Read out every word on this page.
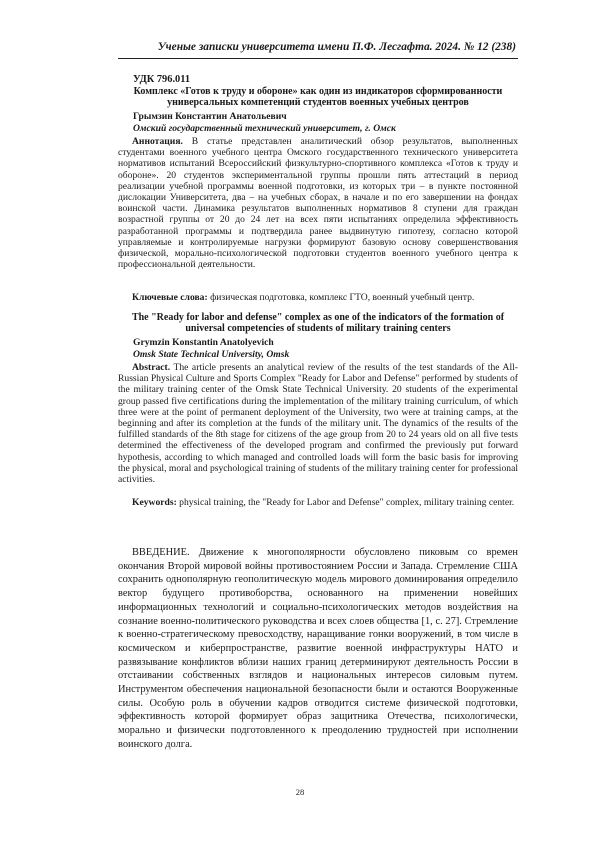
Ученые записки университета имени П.Ф. Лесгафта. 2024. № 12 (238)
УДК 796.011
Комплекс «Готов к труду и обороне» как один из индикаторов сформированности универсальных компетенций студентов военных учебных центров
Грымзин Константин Анатольевич
Омский государственный технический университет, г. Омск
Аннотация. В статье представлен аналитический обзор результатов, выполненных студентами военного учебного центра Омского государственного технического университета нормативов испытаний Всероссийский физкультурно-спортивного комплекса «Готов к труду и обороне». 20 студентов экспериментальной группы прошли пять аттестаций в период реализации учебной программы военной подготовки, из которых три – в пункте постоянной дислокации Университета, два – на учебных сборах, в начале и по его завершении на фондах воинской части. Динамика результатов выполненных нормативов 8 ступени для граждан возрастной группы от 20 до 24 лет на всех пяти испытаниях определила эффективность разработанной программы и подтвердила ранее выдвинутую гипотезу, согласно которой управляемые и контролируемые нагрузки формируют базовую основу совершенствования физической, морально-психологической подготовки студентов военного учебного центра к профессиональной деятельности.
Ключевые слова: физическая подготовка, комплекс ГТО, военный учебный центр.
The "Ready for labor and defense" complex as one of the indicators of the formation of universal competencies of students of military training centers
Grymzin Konstantin Anatolyevich
Omsk State Technical University, Omsk
Abstract. The article presents an analytical review of the results of the test standards of the All-Russian Physical Culture and Sports Complex "Ready for Labor and Defense" performed by students of the military training center of the Omsk State Technical University. 20 students of the experimental group passed five certifications during the implementation of the military training curriculum, of which three were at the point of permanent deployment of the University, two were at training camps, at the beginning and after its completion at the funds of the military unit. The dynamics of the results of the fulfilled standards of the 8th stage for citizens of the age group from 20 to 24 years old on all five tests determined the effectiveness of the developed program and confirmed the previously put forward hypothesis, according to which managed and controlled loads will form the basic basis for improving the physical, moral and psychological training of students of the military training center for professional activities.
Keywords: physical training, the "Ready for Labor and Defense" complex, military training center.
ВВЕДЕНИЕ. Движение к многополярности обусловлено пиковым со времен окончания Второй мировой войны противостоянием России и Запада. Стремление США сохранить однополярную геополитическую модель мирового доминирования определило вектор будущего противоборства, основанного на применении новейших информационных технологий и социально-психологических методов воздействия на сознание военно-политического руководства и всех слоев общества [1, с. 27]. Стремление к военно-стратегическому превосходству, наращивание гонки вооружений, в том числе в космическом и киберпространстве, развитие военной инфраструктуры НАТО и развязывание конфликтов вблизи наших границ детерминируют деятельность России в отстаивании собственных взглядов и национальных интересов силовым путем. Инструментом обеспечения национальной безопасности были и остаются Вооруженные силы. Особую роль в обучении кадров отводится системе физической подготовки, эффективность которой формирует образ защитника Отечества, психологически, морально и физически подготовленного к преодолению трудностей при исполнении воинского долга.
28
